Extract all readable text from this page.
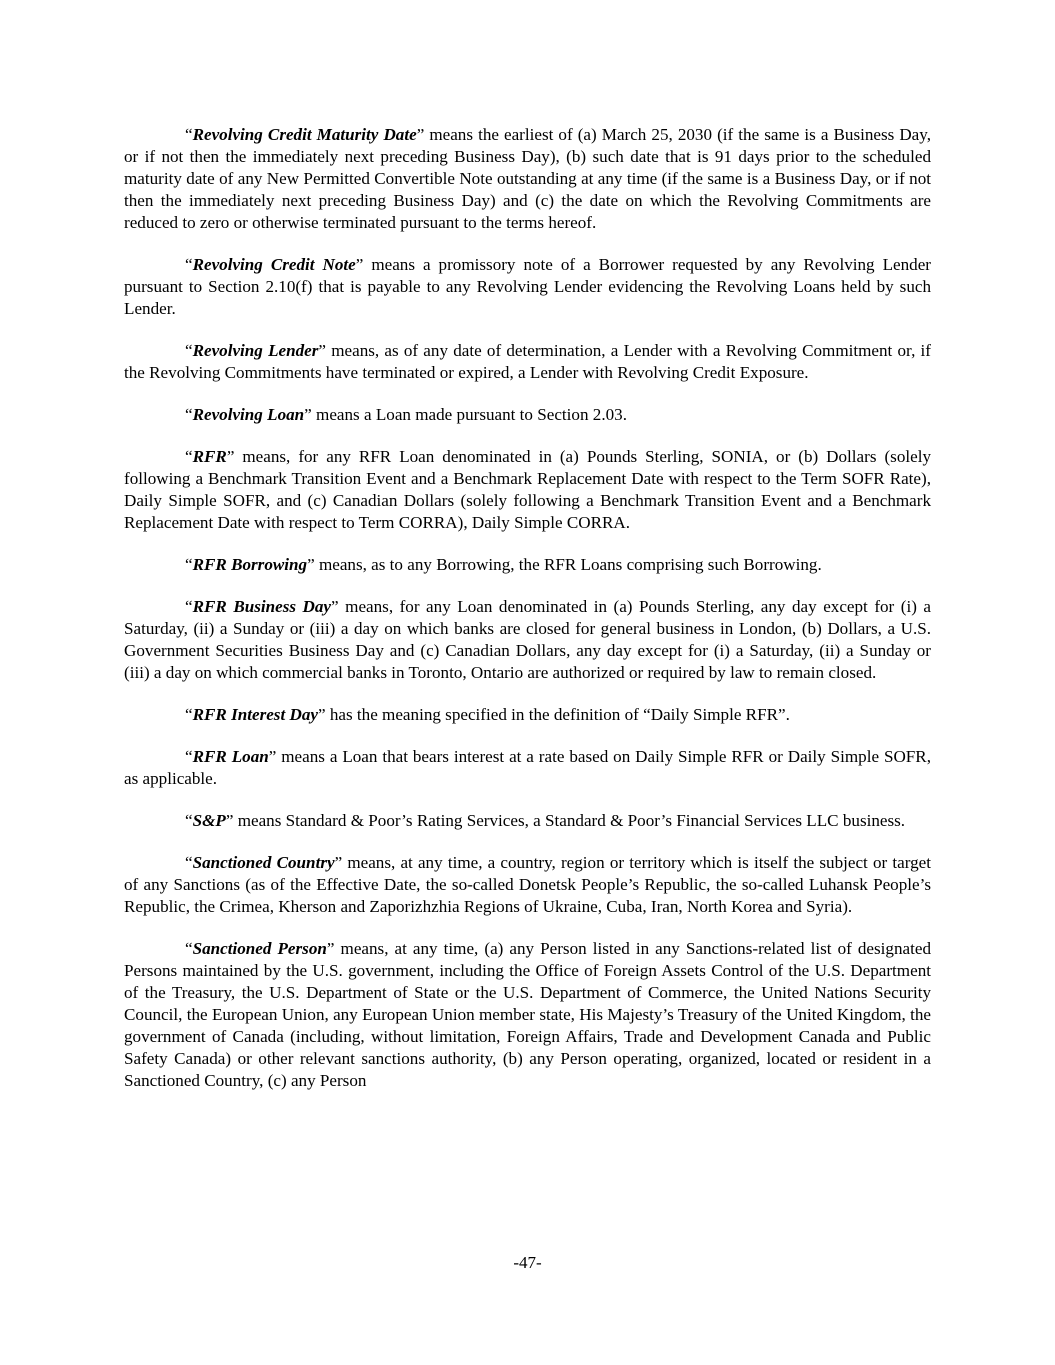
“Revolving Credit Maturity Date” means the earliest of (a) March 25, 2030 (if the same is a Business Day, or if not then the immediately next preceding Business Day), (b) such date that is 91 days prior to the scheduled maturity date of any New Permitted Convertible Note outstanding at any time (if the same is a Business Day, or if not then the immediately next preceding Business Day) and (c) the date on which the Revolving Commitments are reduced to zero or otherwise terminated pursuant to the terms hereof.

“Revolving Credit Note” means a promissory note of a Borrower requested by any Revolving Lender pursuant to Section 2.10(f) that is payable to any Revolving Lender evidencing the Revolving Loans held by such Lender.

“Revolving Lender” means, as of any date of determination, a Lender with a Revolving Commitment or, if the Revolving Commitments have terminated or expired, a Lender with Revolving Credit Exposure.

“Revolving Loan” means a Loan made pursuant to Section 2.03.

“RFR” means, for any RFR Loan denominated in (a) Pounds Sterling, SONIA, or (b) Dollars (solely following a Benchmark Transition Event and a Benchmark Replacement Date with respect to the Term SOFR Rate), Daily Simple SOFR, and (c) Canadian Dollars (solely following a Benchmark Transition Event and a Benchmark Replacement Date with respect to Term CORRA), Daily Simple CORRA.

“RFR Borrowing” means, as to any Borrowing, the RFR Loans comprising such Borrowing.

“RFR Business Day” means, for any Loan denominated in (a) Pounds Sterling, any day except for (i) a Saturday, (ii) a Sunday or (iii) a day on which banks are closed for general business in London, (b) Dollars, a U.S. Government Securities Business Day and (c) Canadian Dollars, any day except for (i) a Saturday, (ii) a Sunday or (iii) a day on which commercial banks in Toronto, Ontario are authorized or required by law to remain closed.

“RFR Interest Day” has the meaning specified in the definition of “Daily Simple RFR”.

“RFR Loan” means a Loan that bears interest at a rate based on Daily Simple RFR or Daily Simple SOFR, as applicable.

“S&P” means Standard & Poor’s Rating Services, a Standard & Poor’s Financial Services LLC business.

“Sanctioned Country” means, at any time, a country, region or territory which is itself the subject or target of any Sanctions (as of the Effective Date, the so-called Donetsk People’s Republic, the so-called Luhansk People’s Republic, the Crimea, Kherson and Zaporizhzhia Regions of Ukraine, Cuba, Iran, North Korea and Syria).

“Sanctioned Person” means, at any time, (a) any Person listed in any Sanctions-related list of designated Persons maintained by the U.S. government, including the Office of Foreign Assets Control of the U.S. Department of the Treasury, the U.S. Department of State or the U.S. Department of Commerce, the United Nations Security Council, the European Union, any European Union member state, His Majesty’s Treasury of the United Kingdom, the government of Canada (including, without limitation, Foreign Affairs, Trade and Development Canada and Public Safety Canada) or other relevant sanctions authority, (b) any Person operating, organized, located or resident in a Sanctioned Country, (c) any Person

-47-
